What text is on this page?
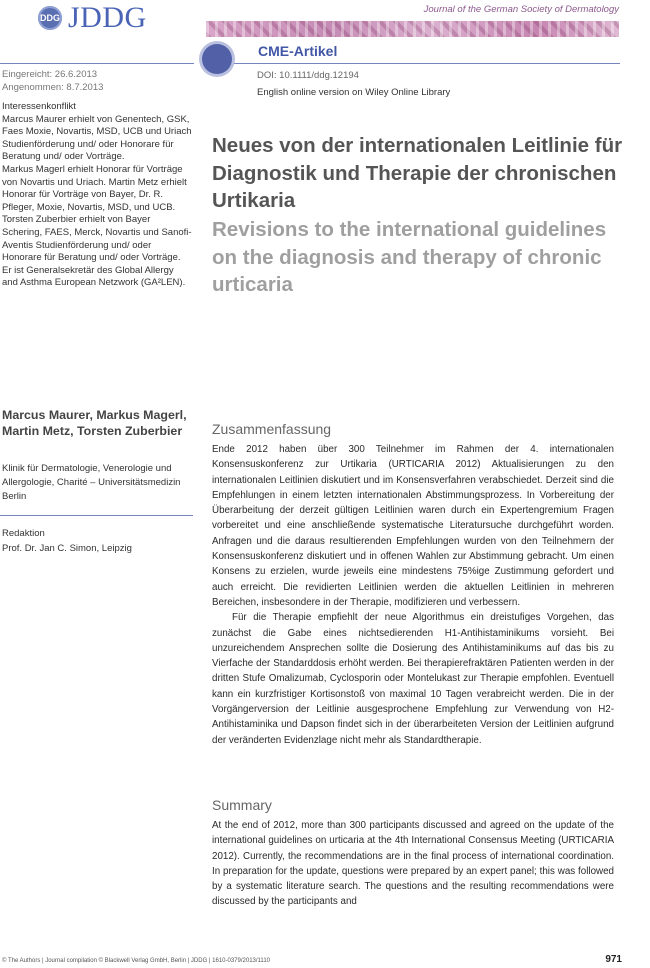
DDG JDDG	Journal of the German Society of Dermatology
CME-Artikel
Eingereicht: 26.6.2013
Angenommen: 8.7.2013

Interessenkonflikt

Marcus Maurer erhielt von Genentech, GSK, Faes Moxie, Novartis, MSD, UCB und Uriach Studienförderung und/ oder Honorare für Beratung und/ oder Vorträge.

Markus Magerl erhielt Honorar für Vorträge von Novartis und Uriach. Martin Metz erhielt Honorar für Vorträge von Bayer, Dr. R. Pfleger, Moxie, Novartis, MSD, und UCB. Torsten Zuberbier erhielt von Bayer Schering, FAES, Merck, Novartis und Sanofi-Aventis Studienförderung und/ oder Honorare für Beratung und/ oder Vorträge. Er ist Generalsekretär des Global Allergy and Asthma European Netzwork (GA²LEN).

Marcus Maurer, Markus Magerl, Martin Metz, Torsten Zuberbier
Klinik für Dermatologie, Venerologie und Allergologie, Charité – Universitätsmedizin Berlin
Redaktion
Prof. Dr. Jan C. Simon, Leipzig
DOI: 10.1111/ddg.12194
English online version on Wiley Online Library
Neues von der internationalen Leitlinie für Diagnostik und Therapie der chronischen Urtikaria
Revisions to the international guidelines on the diagnosis and therapy of chronic urticaria
Zusammenfassung

Ende 2012 haben über 300 Teilnehmer im Rahmen der 4. internationalen Konsensuskonferenz zur Urtikaria (URTICARIA 2012) Aktualisierungen zu den internationalen Leitlinien diskutiert und im Konsensverfahren verabschiedet. Derzeit sind die Empfehlungen in einem letzten internationalen Abstimmungsprozess. In Vorbereitung der Überarbeitung der derzeit gültigen Leitlinien waren durch ein Expertengremium Fragen vorbereitet und eine anschließende systematische Literatursuche durchgeführt worden. Anfragen und die daraus resultierenden Empfehlungen wurden von den Teilnehmern der Konsensuskonferenz diskutiert und in offenen Wahlen zur Abstimmung gebracht. Um einen Konsens zu erzielen, wurde jeweils eine mindestens 75%ige Zustimmung gefordert und auch erreicht. Die revidierten Leitlinien werden die aktuellen Leitlinien in mehreren Bereichen, insbesondere in der Therapie, modifizieren und verbessern.

Für die Therapie empfiehlt der neue Algorithmus ein dreistufiges Vorgehen, das zunächst die Gabe eines nichtsedierenden H1-Antihistaminikums vorsieht. Bei unzureichendem Ansprechen sollte die Dosierung des Antihistaminikums auf das bis zu Vierfache der Standarddosis erhöht werden. Bei therapierefraktären Patienten werden in der dritten Stufe Omalizumab, Cyclosporin oder Montelukast zur Therapie empfohlen. Eventuell kann ein kurzfristiger Kortisonstoß von maximal 10 Tagen verabreicht werden. Die in der Vorgängerversion der Leitlinie ausgesprochene Empfehlung zur Verwendung von H2-Antihistaminika und Dapson findet sich in der überarbeiteten Version der Leitlinien aufgrund der veränderten Evidenzlage nicht mehr als Standardtherapie.

Summary

At the end of 2012, more than 300 participants discussed and agreed on the update of the international guidelines on urticaria at the 4th International Consensus Meeting (URTICARIA 2012). Currently, the recommendations are in the final process of international coordination. In preparation for the update, questions were prepared by an expert panel; this was followed by a systematic literature search. The questions and the resulting recommendations were discussed by the participants and

© The Authors | Journal compilation © Blackwell Verlag GmbH, Berlin | JDDG | 1610-0379/2013/1110	971
